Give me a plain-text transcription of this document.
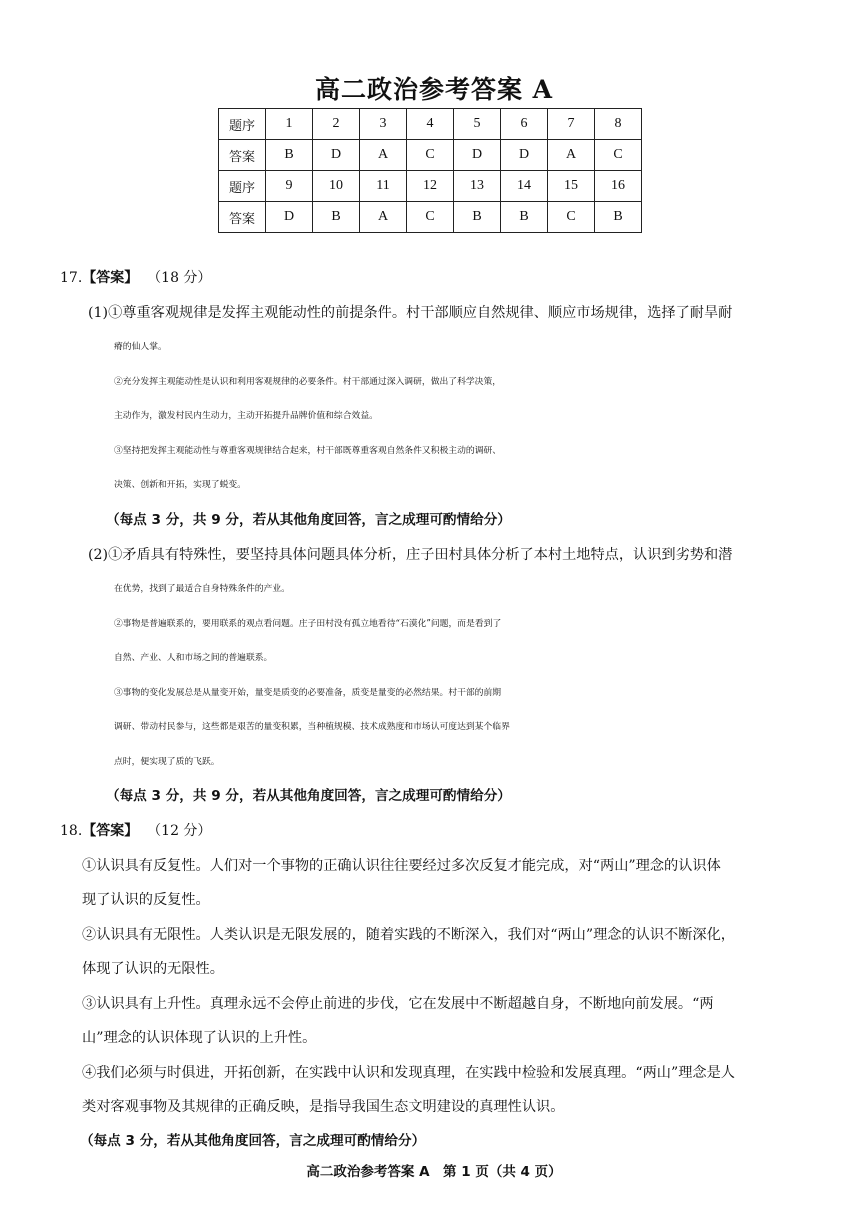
高二政治参考答案 A
题序	1	2	3	4	5	6	7	8
答案	B	D	A	C	D	D	A	C
题序	9	10	11	12	13	14	15	16
答案	D	B	A	C	B	B	C	B
17.【答案】 （18 分）
(1)①尊重客观规律是发挥主观能动性的前提条件。村干部顺应自然规律、顺应市场规律，选择了耐旱耐
瘠的仙人掌。
②充分发挥主观能动性是认识和利用客观规律的必要条件。村干部通过深入调研，做出了科学决策，
主动作为，激发村民内生动力，主动开拓提升品牌价值和综合效益。
③坚持把发挥主观能动性与尊重客观规律结合起来，村干部既尊重客观自然条件又积极主动的调研、
决策、创新和开拓，实现了蜕变。
（每点 3 分，共 9 分，若从其他角度回答，言之成理可酌情给分）
(2)①矛盾具有特殊性，要坚持具体问题具体分析，庄子田村具体分析了本村土地特点，认识到劣势和潜
在优势，找到了最适合自身特殊条件的产业。
②事物是普遍联系的，要用联系的观点看问题。庄子田村没有孤立地看待“石漠化”问题，而是看到了
自然、产业、人和市场之间的普遍联系。
③事物的变化发展总是从量变开始，量变是质变的必要准备，质变是量变的必然结果。村干部的前期
调研、带动村民参与，这些都是艰苦的量变积累，当种植规模、技术成熟度和市场认可度达到某个临界
点时，便实现了质的飞跃。
（每点 3 分，共 9 分，若从其他角度回答，言之成理可酌情给分）
18.【答案】 （12 分）
①认识具有反复性。人们对一个事物的正确认识往往要经过多次反复才能完成，对“两山”理念的认识体
现了认识的反复性。
②认识具有无限性。人类认识是无限发展的，随着实践的不断深入，我们对“两山”理念的认识不断深化，
体现了认识的无限性。
③认识具有上升性。真理永远不会停止前进的步伐，它在发展中不断超越自身，不断地向前发展。“两
山”理念的认识体现了认识的上升性。
④我们必须与时俱进，开拓创新，在实践中认识和发现真理，在实践中检验和发展真理。“两山”理念是人
类对客观事物及其规律的正确反映，是指导我国生态文明建设的真理性认识。
（每点 3 分，若从其他角度回答，言之成理可酌情给分）
高二政治参考答案 A　第 1 页（共 4 页）
